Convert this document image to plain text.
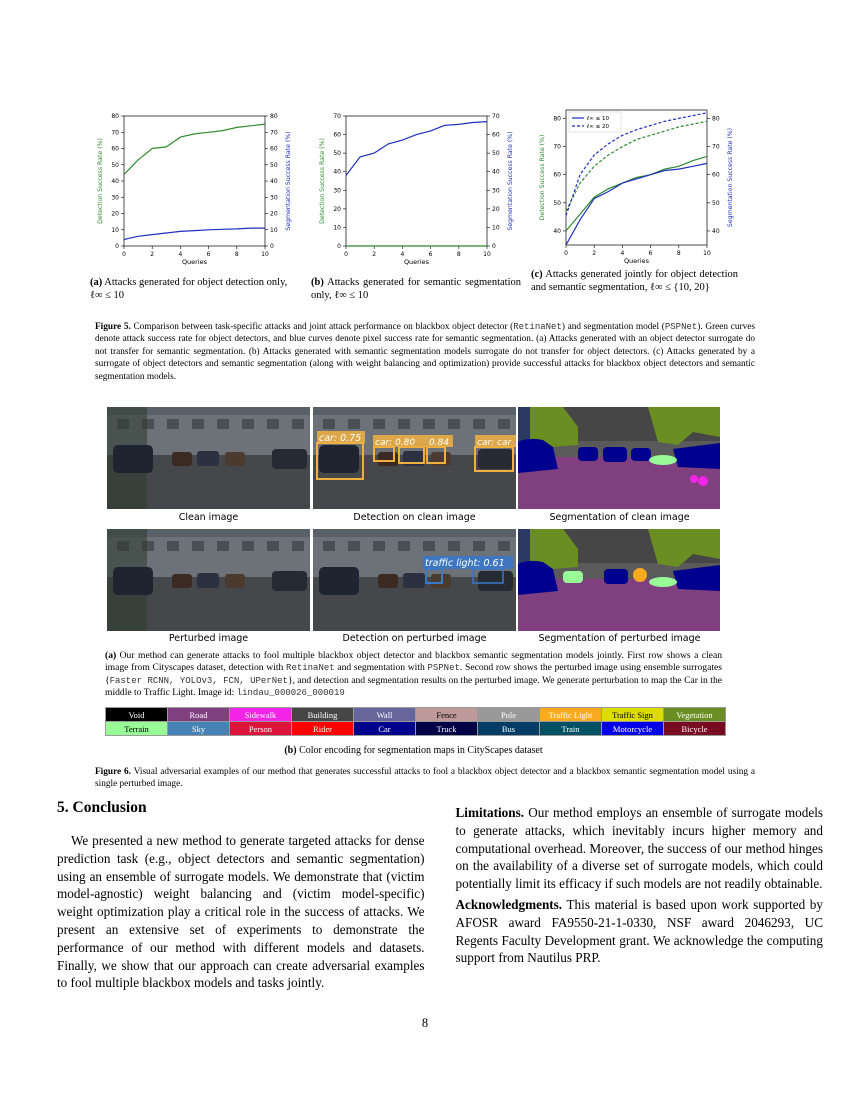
0	2	4	6	8	10
0
10
20
30
40
50
60
70
80
0
10
20
30
40
50
60
70
80
Queries
Detection Success Rate (%)	Segmentation Success Rate (%)
0	2	4	6	8	10
0
10
20
30
40
50
60
70
0
10
20
30
40
50
60
70
Queries
Detection Success Rate (%)	Segmentation Success Rate (%)
0	2	4	6	8	10
40
50
60
70
80
40
50
60
70
80
Queries
Detection Success Rate (%)	Segmentation Success Rate (%)
ℓ∞ ≤ 10
ℓ∞ ≤ 20
(a) Attacks generated for object detection only, ℓ∞ ≤ 10
(b) Attacks generated for semantic segmentation only, ℓ∞ ≤ 10
(c) Attacks generated jointly for object detection and semantic segmentation, ℓ∞ ≤ {10, 20}
Figure 5. Comparison between task-specific attacks and joint attack performance on blackbox object detector (RetinaNet) and segmentation model (PSPNet). Green curves denote attack success rate for object detectors, and blue curves denote pixel success rate for semantic segmentation. (a) Attacks generated with an object detector surrogate do not transfer for semantic segmentation. (b) Attacks generated with semantic segmentation models surrogate do not transfer for object detectors. (c) Attacks generated by a surrogate of object detectors and semantic segmentation (along with weight balancing and optimization) provide successful attacks for blackbox object detectors and semantic segmentation models.
car: 0.75 car: 0.80 0.84	car: car
Clean image	Detection on clean image	Segmentation of clean image
traffic light: 0.61
Perturbed image	Detection on perturbed image	Segmentation of perturbed image
(a) Our method can generate attacks to fool multiple blackbox object detector and blackbox semantic segmentation models jointly. First row shows a clean image from Cityscapes dataset, detection with RetinaNet and segmentation with PSPNet. Second row shows the perturbed image using ensemble surrogates {Faster RCNN, YOLOv3, FCN, UPerNet}, and detection and segmentation results on the perturbed image. We generate perturbation to map the Car in the middle to Traffic Light. Image id: lindau_000026_000019
Void	Road	Sidewalk	Building	Wall	Fence	Pole	Traffic Light	Traffic Sign	Vegetation
Terrain	Sky	Person	Rider	Car	Truck	Bus	Train	Motorcycle	Bicycle
(b) Color encoding for segmentation maps in CityScapes dataset
Figure 6. Visual adversarial examples of our method that generates successful attacks to fool a blackbox object detector and a blackbox semantic segmentation model using a single perturbed image.
5. Conclusion

We presented a new method to generate targeted attacks for dense prediction task (e.g., object detectors and semantic segmentation) using an ensemble of surrogate models. We demonstrate that (victim model-agnostic) weight balancing and (victim model-specific) weight optimization play a critical role in the success of attacks. We present an extensive set of experiments to demonstrate the performance of our method with different models and datasets. Finally, we show that our approach can create adversarial examples to fool multiple blackbox models and tasks jointly.

Limitations. Our method employs an ensemble of surrogate models to generate attacks, which inevitably incurs higher memory and computational overhead. Moreover, the success of our method hinges on the availability of a diverse set of surrogate models, which could potentially limit its efficacy if such models are not readily obtainable.

Acknowledgments. This material is based upon work supported by AFOSR award FA9550-21-1-0330, NSF award 2046293, UC Regents Faculty Development grant. We acknowledge the computing support from Nautilus PRP.

8
